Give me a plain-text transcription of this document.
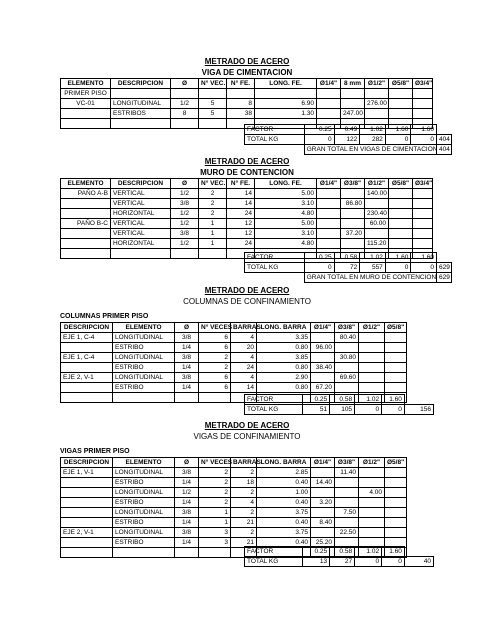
METRADO DE ACERO
VIGA DE CIMENTACION
ELEMENTO	DESCRIPCION	Ø	N° VEC.	N° FE.	LONG. FE.	Ø1/4"	8 mm	Ø1/2"	Ø5/8"	Ø3/4"
PRIMER PISO										
VC-01	LONGITUDINAL	1/2	5	8	6.90			276.00		
	ESTRIBOS	8	5	38	1.30		247.00			

FACTOR	0.25	0.49	1.02	1.60	1.60	
TOTAL KG	0	122	282	0	0	404
	GRAN TOTAL EN VIGAS DE CIMENTACION					404
METRADO DE ACERO
MURO DE CONTENCION
ELEMENTO	DESCRIPCION	Ø	N° VEC.	N° FE.	LONG. FE.	Ø1/4"	Ø3/8"	Ø1/2"	Ø5/8"	Ø3/4"
PAÑO A-B	VERTICAL	1/2	2	14	5.00			140.00		
	VERTICAL	3/8	2	14	3.10		86.80			
	HORIZONTAL	1/2	2	24	4.80			230.40		
PAÑO B-C	VERTICAL	1/2	1	12	5.00			60.00		
	VERTICAL	3/8	1	12	3.10		37.20			
	HORIZONTAL	1/2	1	24	4.80			115.20		

FACTOR	0.25	0.58	1.02	1.60	1.60	
TOTAL KG	0	72	557	0	0	629
	GRAN TOTAL EN MURO DE CONTENCION					629
METRADO DE ACERO
COLUMNAS DE CONFINAMIENTO
COLUMNAS PRIMER PISO
DESCRIPCION	ELEMENTO	Ø	N° VECES	BARRAS	LONG. BARRA	Ø1/4"	Ø3/8"	Ø1/2"	Ø5/8"
EJE 1, C-4	LONGITUDINAL	3/8	6	4	3.35		80.40		
	ESTRIBO	1/4	6	20	0.80	96.00			
EJE 1, C-4	LONGITUDINAL	3/8	2	4	3.85		30.80		
	ESTRIBO	1/4	2	24	0.80	38.40			
EJE 2, V-1	LONGITUDINAL	3/8	6	4	2.90		69.60		
	ESTRIBO	1/4	6	14	0.80	67.20			

FACTOR	0.25	0.58	1.02	1.60	
TOTAL KG	51	105	0	0	156
METRADO DE ACERO
VIGAS DE CONFINAMIENTO
VIGAS PRIMER PISO
DESCRIPCION	ELEMENTO	Ø	N° VECES	BARRAS	LONG. BARRA	Ø1/4"	Ø3/8"	Ø1/2"	Ø5/8"
EJE 1, V-1	LONGITUDINAL	3/8	2	2	2.85		11.40		
	ESTRIBO	1/4	2	18	0.40	14.40			
	LONGITUDINAL	1/2	2	2	1.00			4.00	
	ESTRIBO	1/4	2	4	0.40	3.20			
	LONGITUDINAL	3/8	1	2	3.75		7.50		
	ESTRIBO	1/4	1	21	0.40	8.40			
EJE 2, V-1	LONGITUDINAL	3/8	3	2	3.75		22.50		
	ESTRIBO	1/4	3	21	0.40	25.20			

FACTOR	0.25	0.58	1.02	1.60	
TOTAL KG	13	27	0	0	40
